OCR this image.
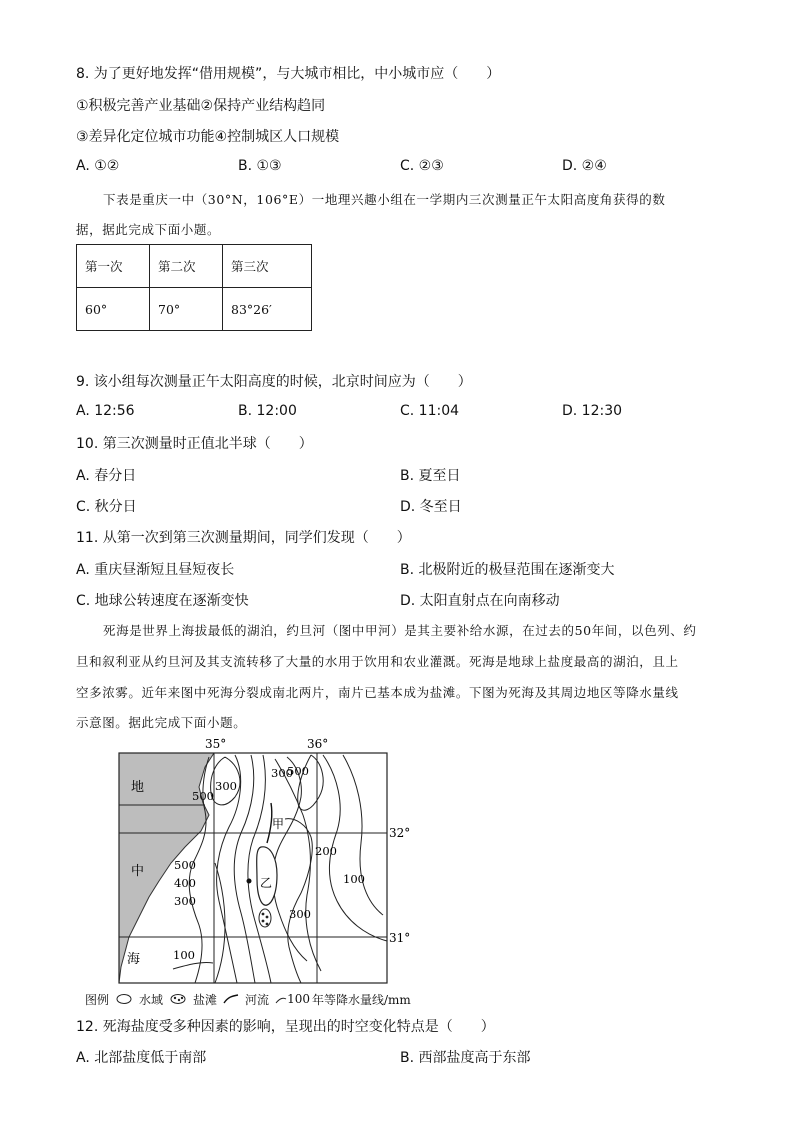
8. 为了更好地发挥“借用规模”，与大城市相比，中小城市应（　　）
①积极完善产业基础②保持产业结构趋同
③差异化定位城市功能④控制城区人口规模
A. ①②	B. ①③	C. ②③	D. ②④
下表是重庆一中（30°N，106°E）一地理兴趣小组在一学期内三次测量正午太阳高度角获得的数
据，据此完成下面小题。
第一次	第二次	第三次
60°	70°	83°26′
9. 该小组每次测量正午太阳高度的时候，北京时间应为（　　）
A. 12:56	B. 12:00	C. 11:04	D. 12:30
10. 第三次测量时正值北半球（　　）
A. 春分日	B. 夏至日
C. 秋分日	D. 冬至日
11. 从第一次到第三次测量期间，同学们发现（　　）
A. 重庆昼渐短且昼短夜长	B. 北极附近的极昼范围在逐渐变大
C. 地球公转速度在逐渐变快	D. 太阳直射点在向南移动
死海是世界上海拔最低的湖泊，约旦河（图中甲河）是其主要补给水源，在过去的50年间，以色列、约
旦和叙利亚从约旦河及其支流转移了大量的水用于饮用和农业灌溉。死海是地球上盐度最高的湖泊，且上
空多浓雾。近年来图中死海分裂成南北两片，南片已基本成为盐滩。下图为死海及其周边地区等降水量线
示意图。据此完成下面小题。
35°	36°
32°
31°
地
中
海
300
500
500
300
500
400
300
200
300
100
100
甲
乙
图例	水域	盐滩 河流 100 年等降水量线/mm
12. 死海盐度受多种因素的影响，呈现出的时空变化特点是（　　）
A. 北部盐度低于南部	B. 西部盐度高于东部
